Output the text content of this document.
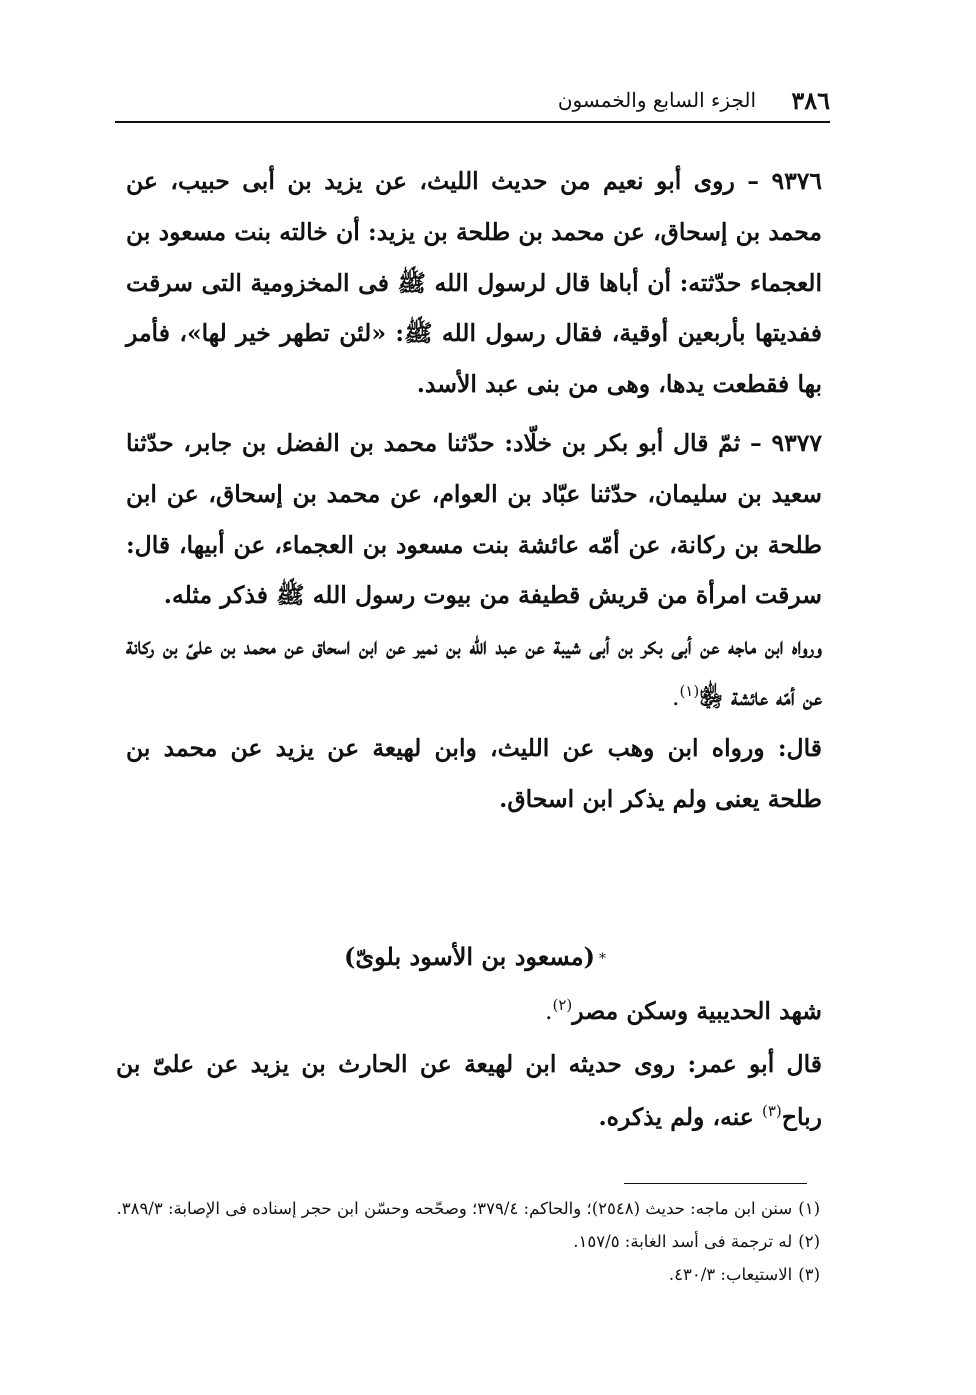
٣٨٦
الجزء السابع والخمسون

٩٣٧٦ – روى أبو نعيم من حديث الليث، عن يزيد بن أبى حبيب، عن محمد بن إسحاق، عن محمد بن طلحة بن يزيد: أن خالته بنت مسعود بن العجماء حدّثته: أن أباها قال لرسول الله ﷺ فى المخزومية التى سرقت ففديتها بأربعين أوقية، فقال رسول الله ﷺ: «لئن تطهر خير لها»، فأمر بها فقطعت يدها، وهى من بنى عبد الأسد.

٩٣٧٧ – ثمّ قال أبو بكر بن خلّاد: حدّثنا محمد بن الفضل بن جابر، حدّثنا سعيد بن سليمان، حدّثنا عبّاد بن العوام، عن محمد بن إسحاق، عن ابن طلحة بن ركانة، عن أمّه عائشة بنت مسعود بن العجماء، عن أبيها، قال: سرقت امرأة من قريش قطيفة من بيوت رسول الله ﷺ فذكر مثله.

ورواه ابن ماجه عن أبى بكر بن أبى شيبة عن عبد الله بن نمير عن ابن اسحاق عن محمد بن علىّ بن ركانة عن أمّه عائشة ﵂$^{(١)}$.

قال: ورواه ابن وهب عن الليث، وابن لهيعة عن يزيد عن محمد بن طلحة يعنى ولم يذكر ابن اسحاق.

*(مسعود بن الأسود بلوىّ)

شهد الحديبية وسكن مصر$^{(٢)}$.

قال أبو عمر: روى حديثه ابن لهيعة عن الحارث بن يزيد عن علىّ بن رباح$^{(٣)}$ عنه، ولم يذكره.

(١)سنن ابن ماجه: حديث (٢٥٤٨)؛ والحاكم: ٣٧٩/٤؛ وصحّحه وحسّن ابن حجر إسناده فى الإصابة: ٣٨٩/٣.

(٢)له ترجمة فى أسد الغابة: ١٥٧/٥.

(٣)الاستيعاب: ٤٣٠/٣.
